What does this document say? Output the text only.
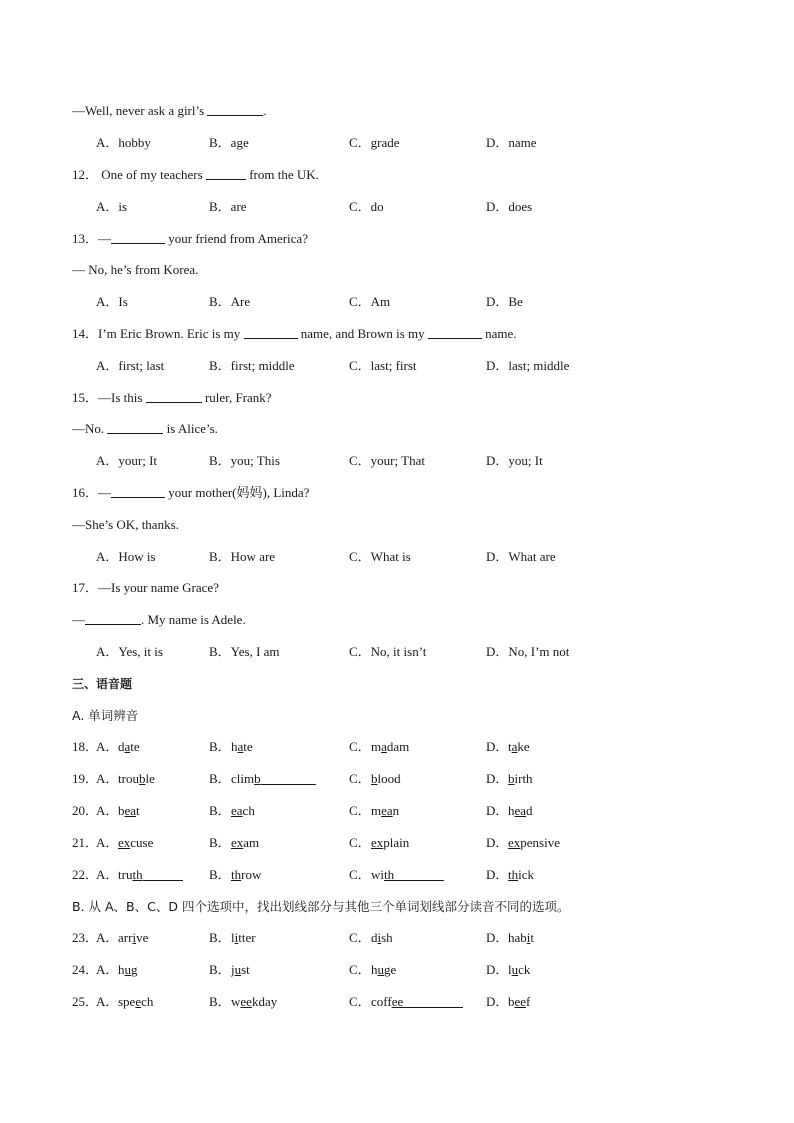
—Well, never ask a girl’s	.
A．hobby	B．age	C．grade	D．name
12． One of my teachers	from the UK.
A．is	B．are	C．do	D．does
13．—	your friend from America?
— No, he’s from Korea.
A．Is	B．Are	C．Am	D．Be
14．I’m Eric Brown. Eric is my	name, and Brown is my	name.
A．first; last	B．first; middle	C．last; first	D．last; middle
15．—Is this	ruler, Frank?
—No.	is Alice’s.
A．your; It	B．you; This	C．your; That	D．you; It
16．—	your mother(妈妈), Linda?
—She’s OK, thanks.
A．How is	B．How are	C．What is	D．What are
17．—Is your name Grace?
—	. My name is Adele.
A．Yes, it is	B．Yes, I am	C．No, it isn’t	D．No, I’m not
三、语音题
A. 单词辨音
18．
A．date	B．hate	C．madam	D．take
19．
A．trouble	B．climb	C．blood	D．birth
20．
A．beat	B．each	C．mean	D．head
21．
A．excuse	B．exam	C．explain	D．expensive
22．
A．truth	B．throw	C．with	D．thick
B. 从 A、B、C、D 四个选项中，找出划线部分与其他三个单词划线部分读音不同的选项。
23．
A．arrive	B．litter	C．dish	D．habit
24．
A．hug	B．just	C．huge	D．luck
25．
A．speech	B．weekday	C．coffee	D．beef
